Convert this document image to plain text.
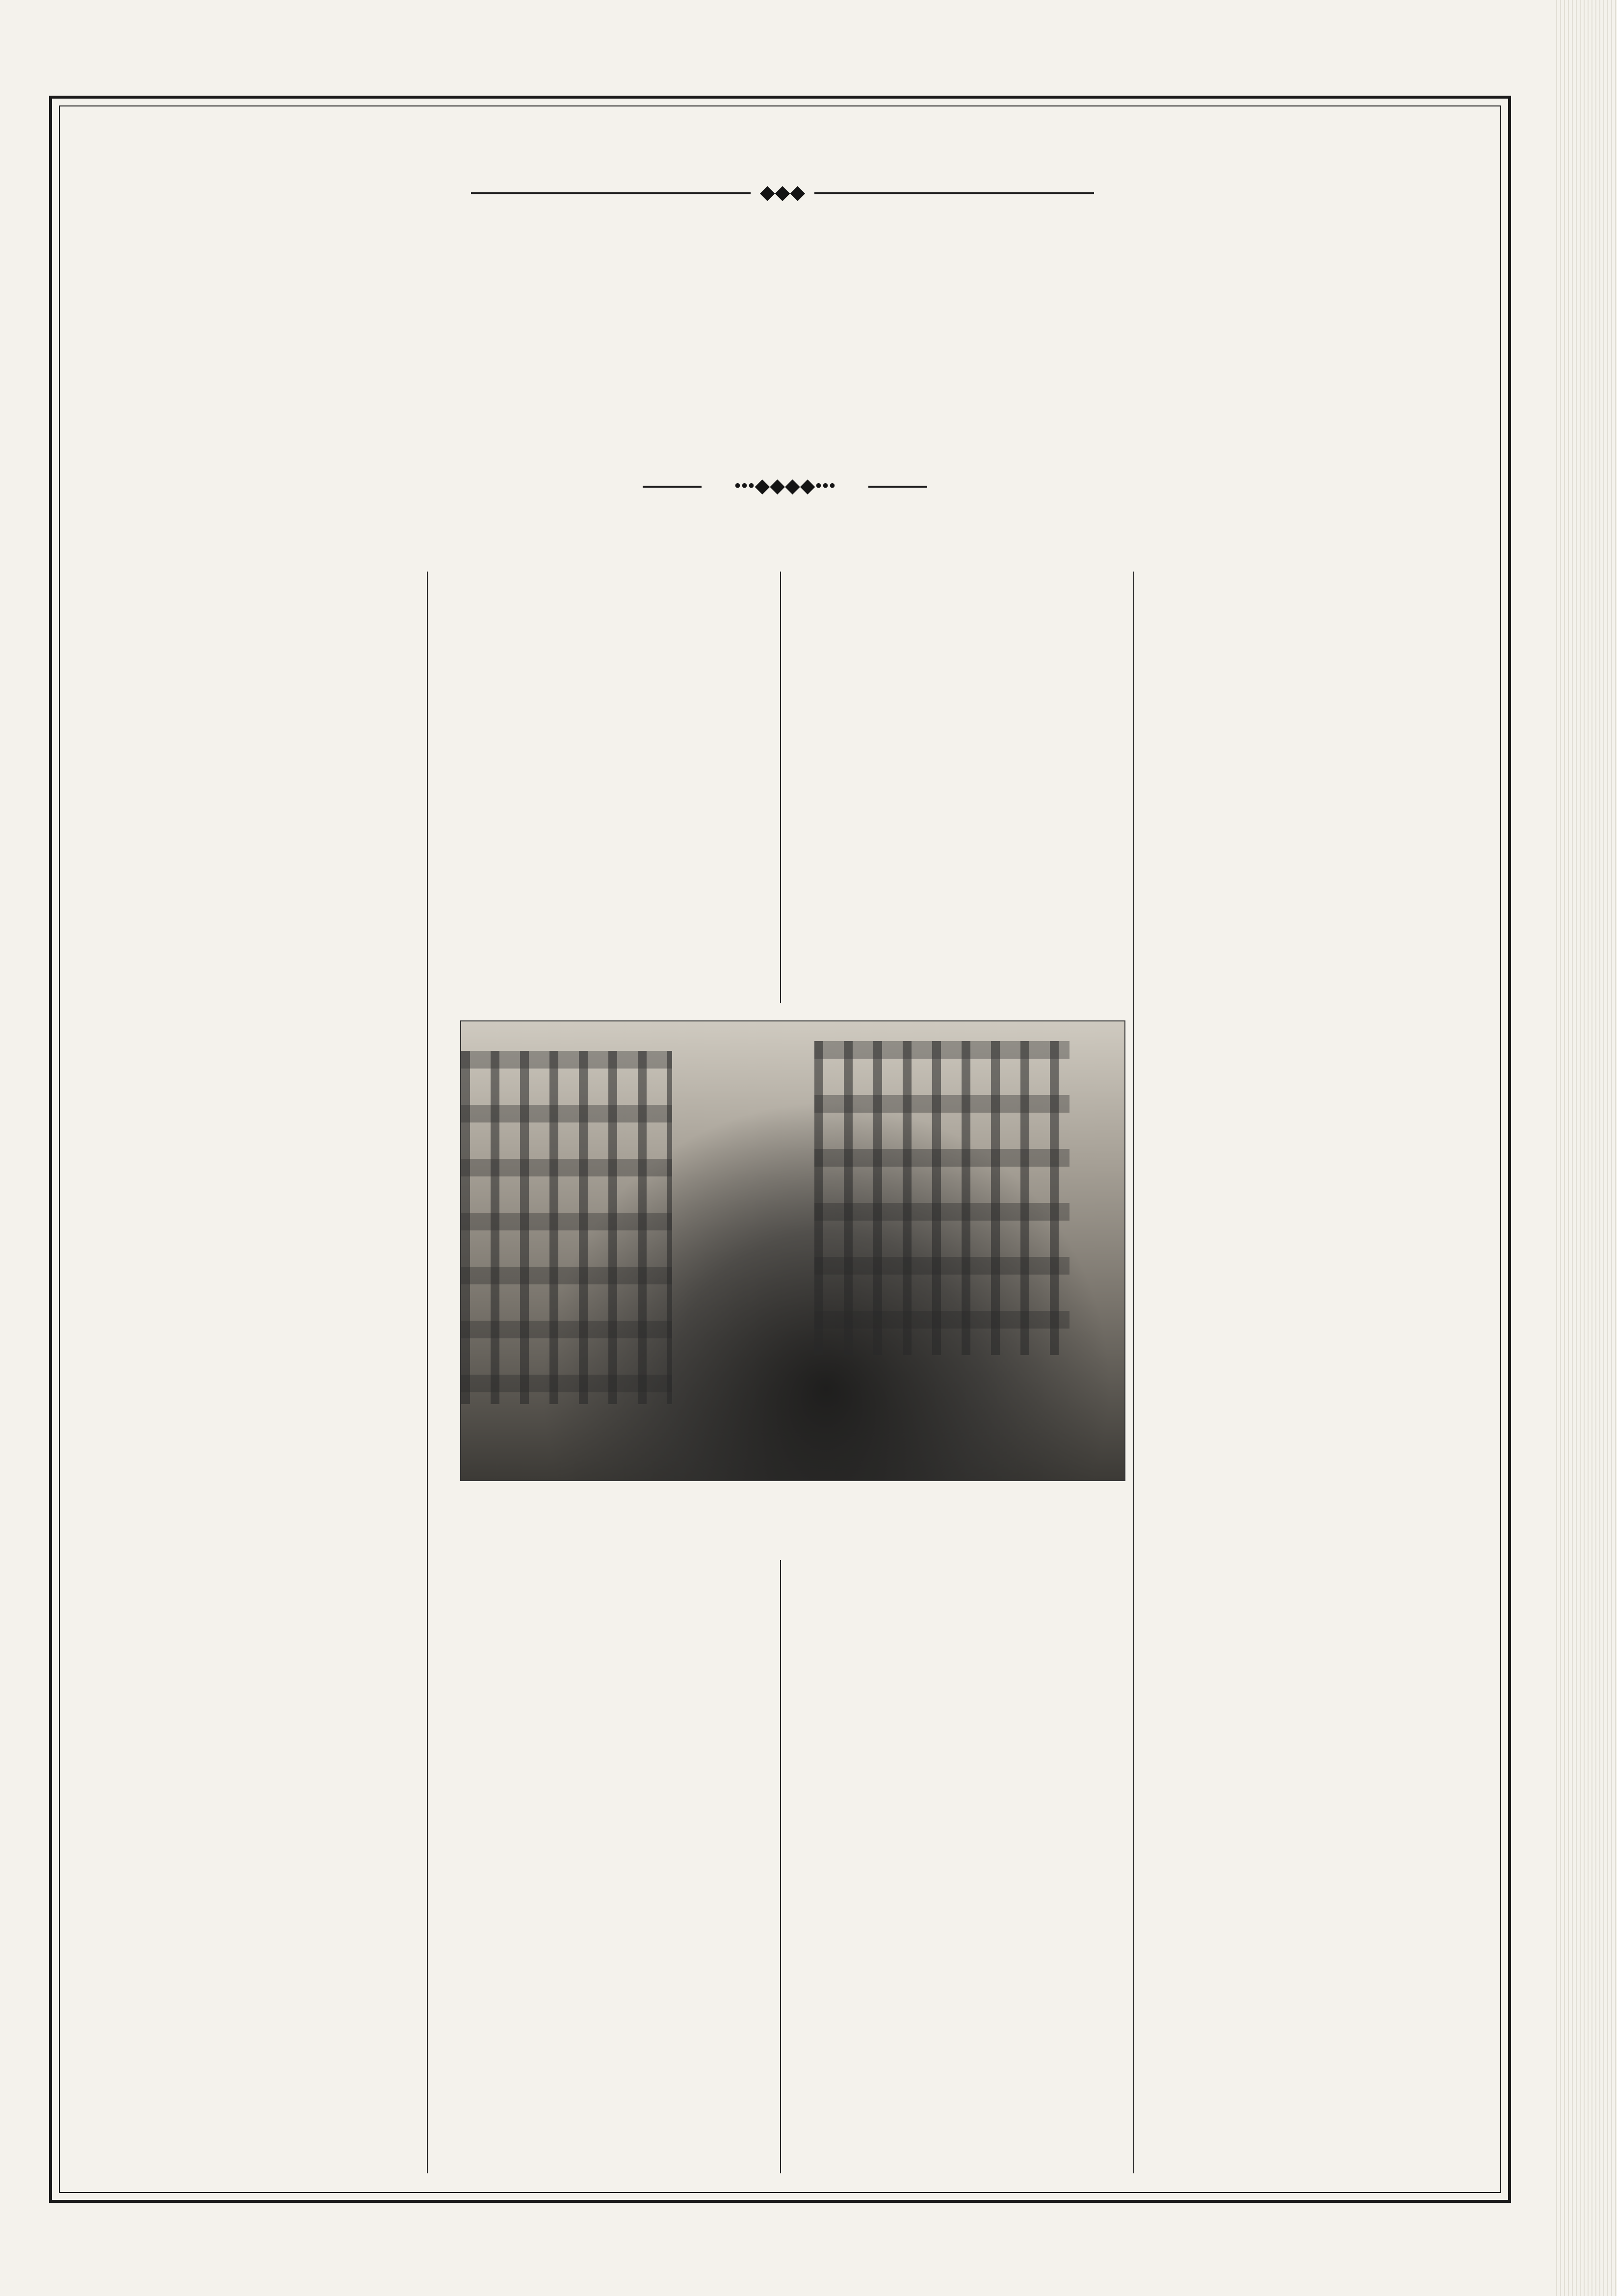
◆◆◆
•••◆◆◆◆•••
